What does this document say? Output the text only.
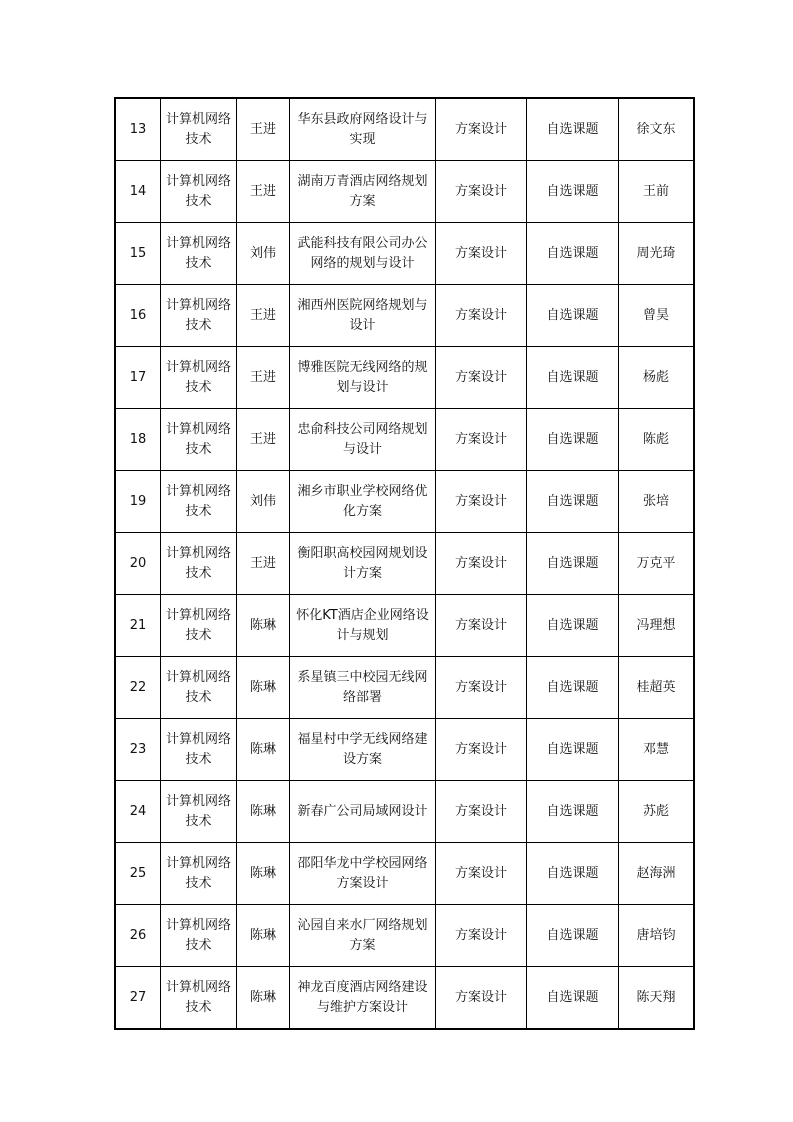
13	计算机网络技术	王进	华东县政府网络设计与实现	方案设计	自选课题	徐文东

14	计算机网络技术	王进	湖南万青酒店网络规划方案	方案设计	自选课题	王前

15	计算机网络技术	刘伟	武能科技有限公司办公网络的规划与设计	方案设计	自选课题	周光琦

16	计算机网络技术	王进	湘西州医院网络规划与设计	方案设计	自选课题	曾昊

17	计算机网络技术	王进	博雅医院无线网络的规划与设计	方案设计	自选课题	杨彪

18	计算机网络技术	王进	忠俞科技公司网络规划与设计	方案设计	自选课题	陈彪

19	计算机网络技术	刘伟	湘乡市职业学校网络优化方案	方案设计	自选课题	张培

20	计算机网络技术	王进	衡阳职高校园网规划设计方案	方案设计	自选课题	万克平

21	计算机网络技术	陈琳	怀化KT酒店企业网络设计与规划	方案设计	自选课题	冯理想

22	计算机网络技术	陈琳	系星镇三中校园无线网络部署	方案设计	自选课题	桂超英

23	计算机网络技术	陈琳	福星村中学无线网络建设方案	方案设计	自选课题	邓慧

24	计算机网络技术	陈琳	新春广公司局域网设计	方案设计	自选课题	苏彪

25	计算机网络技术	陈琳	邵阳华龙中学校园网络方案设计	方案设计	自选课题	赵海洲

26	计算机网络技术	陈琳	沁园自来水厂网络规划方案	方案设计	自选课题	唐培钧

27	计算机网络技术	陈琳	神龙百度酒店网络建设与维护方案设计	方案设计	自选课题	陈天翔
